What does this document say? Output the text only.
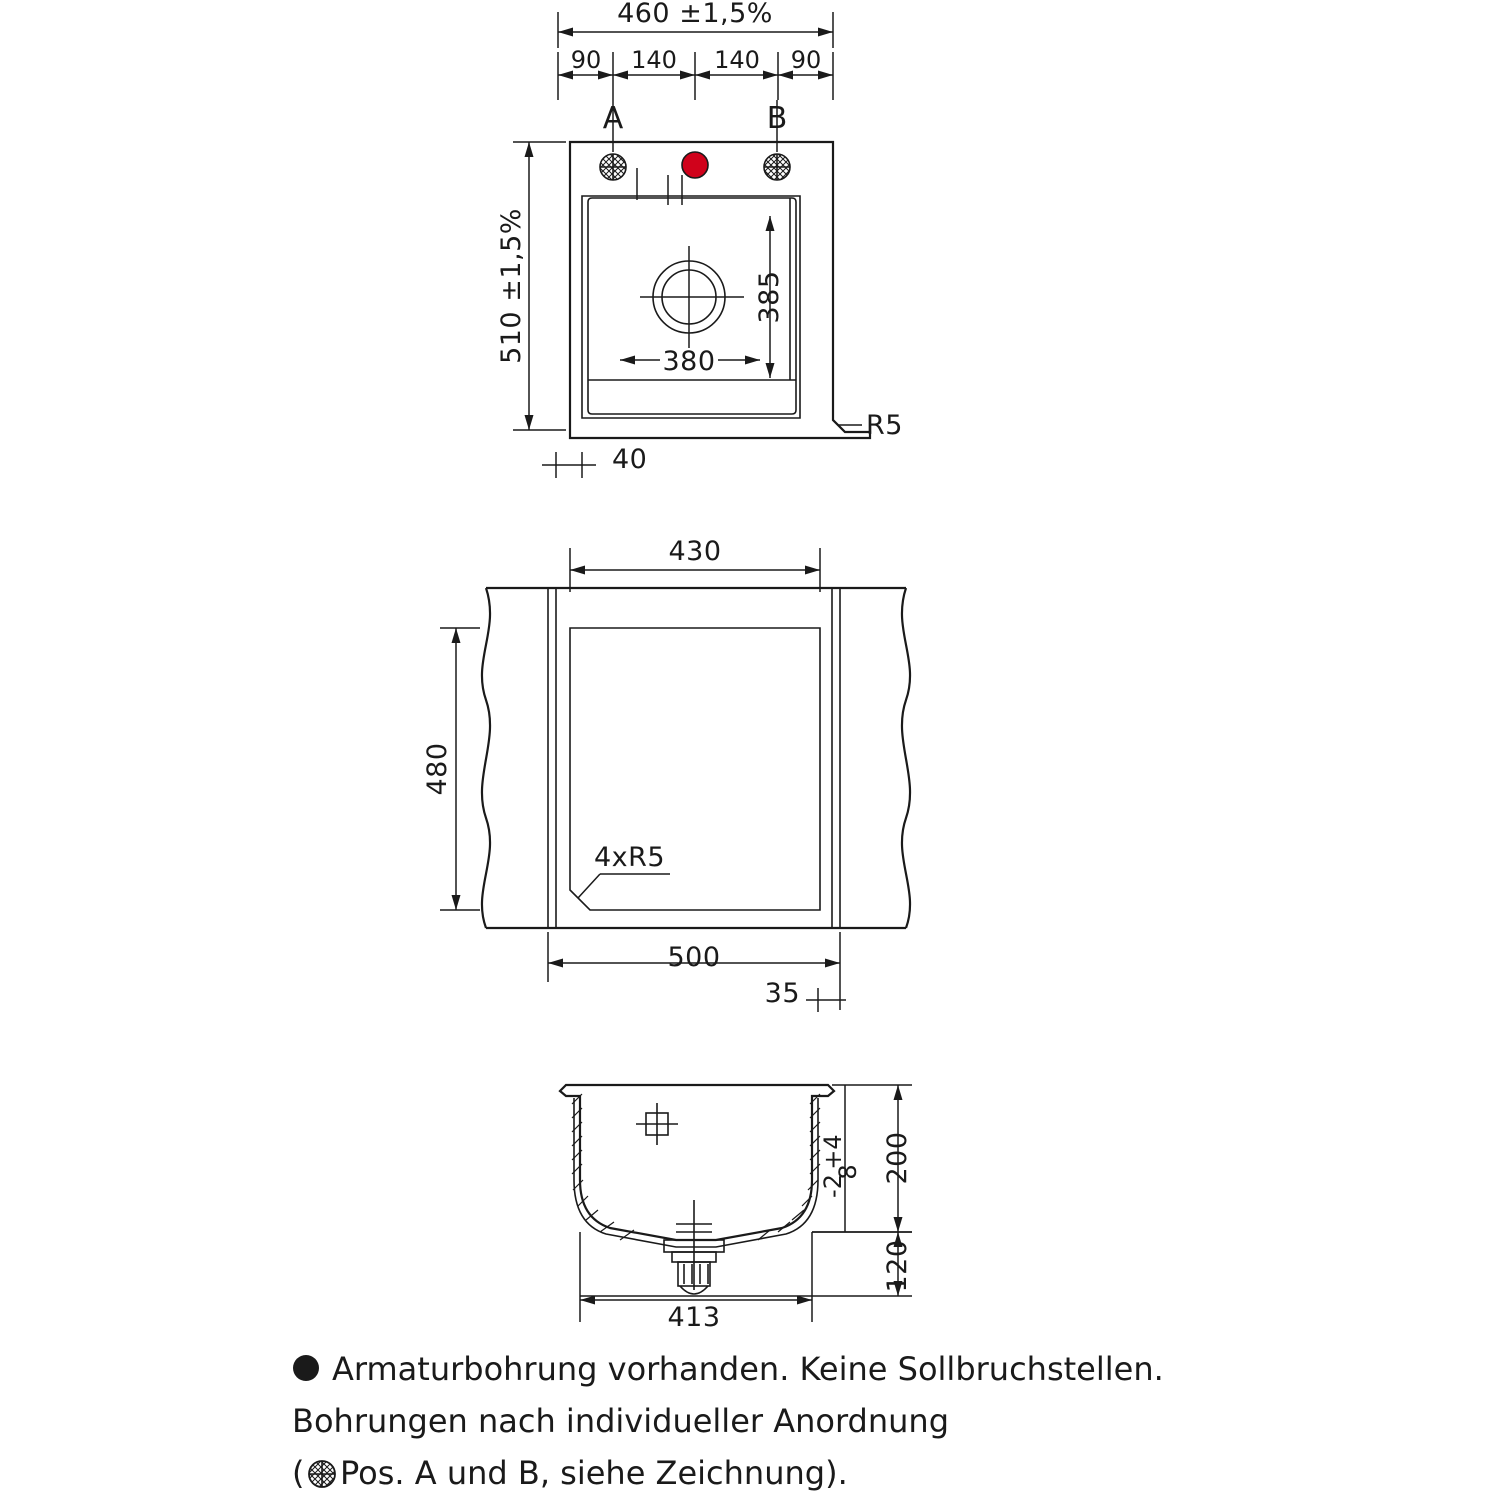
460 ±1,5%
90 140 140 90
A	B
510 ±1,5%	385
380
40
R5
430
480
4xR5
500
35
200
8
+4
-2
120
413
Armaturbohrung vorhanden. Keine Sollbruchstellen.
Bohrungen nach individueller Anordnung
( Pos. A und B, siehe Zeichnung).
